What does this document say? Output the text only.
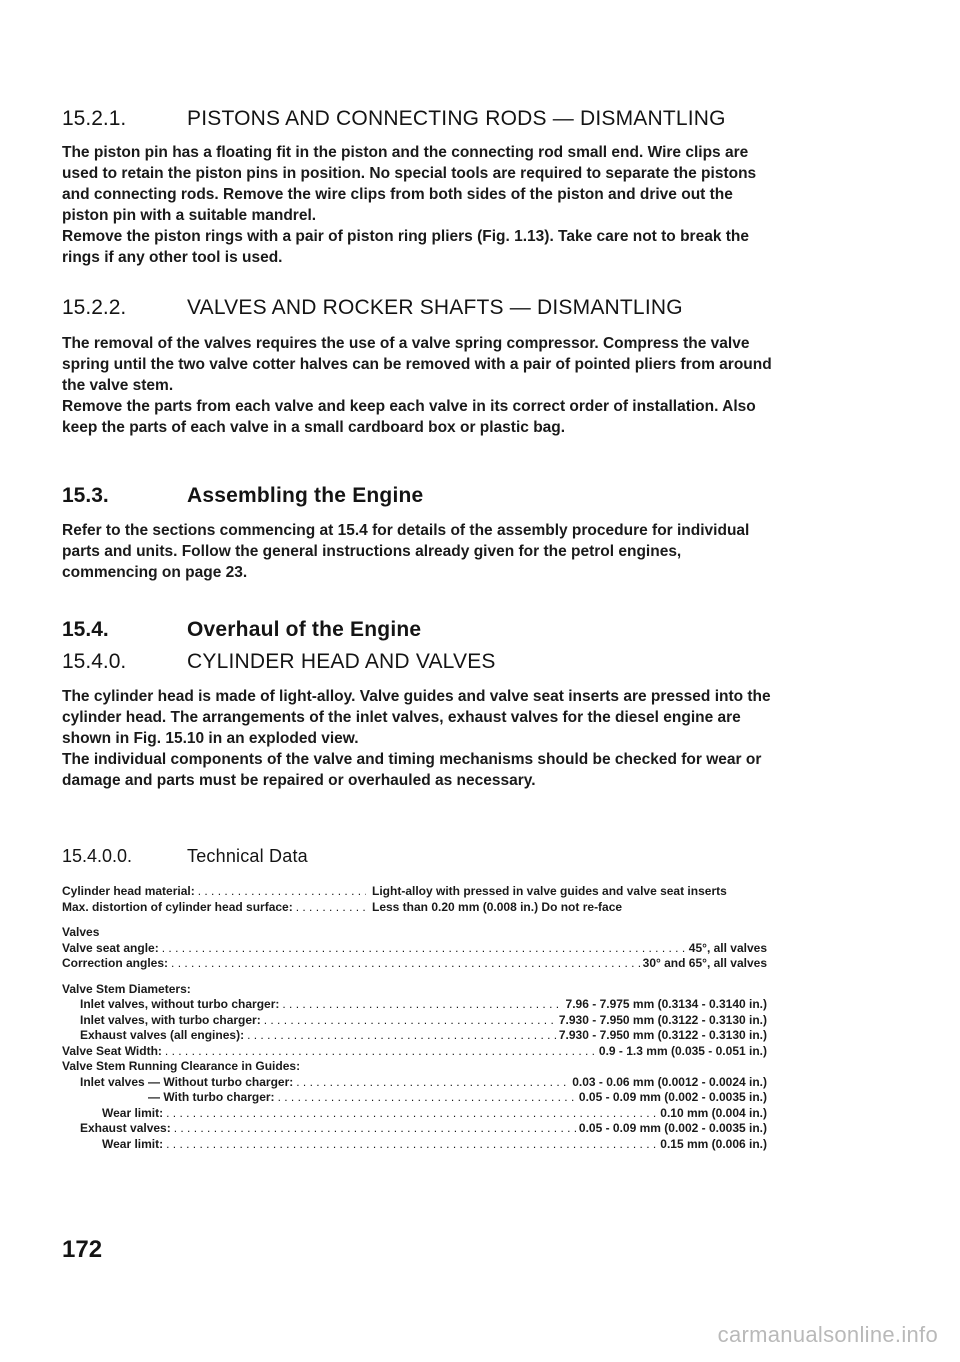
15.2.1.	PISTONS AND CONNECTING RODS — DISMANTLING

The piston pin has a floating fit in the piston and the connecting rod small end. Wire clips are used to retain the piston pins in position. No special tools are required to separate the pistons and connecting rods. Remove the wire clips from both sides of the piston and drive out the piston pin with a suitable mandrel.

Remove the piston rings with a pair of piston ring pliers (Fig. 1.13). Take care not to break the rings if any other tool is used.

15.2.2.	VALVES AND ROCKER SHAFTS — DISMANTLING

The removal of the valves requires the use of a valve spring compressor. Compress the valve spring until the two valve cotter halves can be removed with a pair of pointed pliers from around the valve stem.

Remove the parts from each valve and keep each valve in its correct order of installation. Also keep the parts of each valve in a small cardboard box or plastic bag.

15.3.	Assembling the Engine

Refer to the sections commencing at 15.4 for details of the assembly procedure for individual parts and units. Follow the general instructions already given for the petrol engines, commencing on page 23.

15.4.	Overhaul of the Engine
15.4.0.	CYLINDER HEAD AND VALVES

The cylinder head is made of light-alloy. Valve guides and valve seat inserts are pressed into the cylinder head. The arrangements of the inlet valves, exhaust valves for the diesel engine are shown in Fig. 15.10 in an exploded view.

The individual components of the valve and timing mechanisms should be checked for wear or damage and parts must be repaired or overhauled as necessary.

15.4.0.0.	Technical Data
Cylinder head material: . . .	Light-alloy with pressed in valve guides and valve seat inserts
Max. distortion of cylinder head surface: . . .	Less than 0.20 mm (0.008 in.) Do not re-face
Valves
Valve seat angle: . . .	45°, all valves
Correction angles: . . .	30° and 65°, all valves
Valve Stem Diameters:
Inlet valves, without turbo charger: . . .	7.96 - 7.975 mm (0.3134 - 0.3140 in.)
Inlet valves, with turbo charger: . . .	7.930 - 7.950 mm (0.3122 - 0.3130 in.)
Exhaust valves (all engines): . . .	7.930 - 7.950 mm (0.3122 - 0.3130 in.)
Valve Seat Width: . . .	0.9 - 1.3 mm (0.035 - 0.051 in.)
Valve Stem Running Clearance in Guides:
Inlet valves — Without turbo charger: . . .	0.03 - 0.06 mm (0.0012 - 0.0024 in.)
— With turbo charger: . . .	0.05 - 0.09 mm (0.002 - 0.0035 in.)
Wear limit: . . .	0.10 mm (0.004 in.)
Exhaust valves: . . .	0.05 - 0.09 mm (0.002 - 0.0035 in.)
Wear limit: . . .	0.15 mm (0.006 in.)
172
carmanualsonline.info
